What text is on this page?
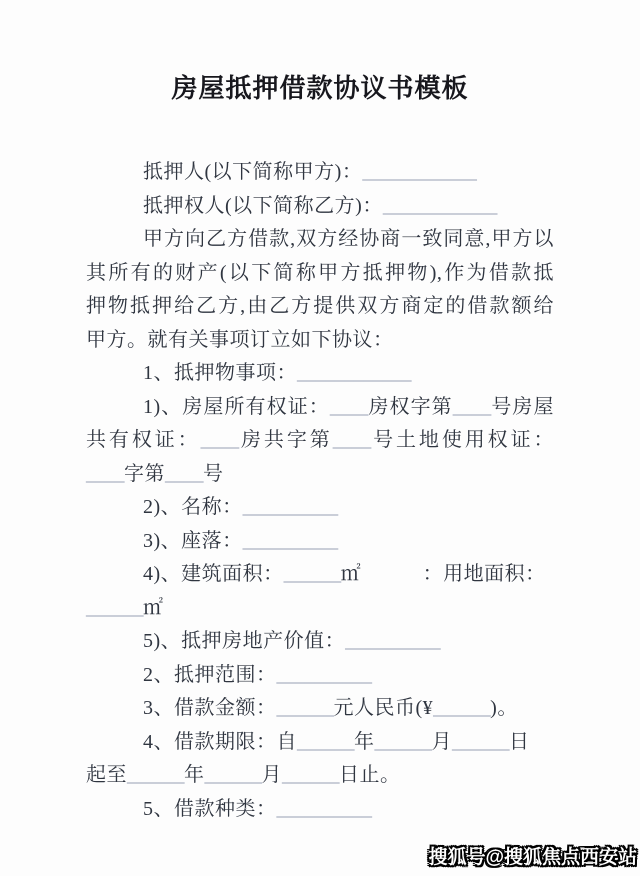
房屋抵押借款协议书模板

抵押人(以下简称甲方)：____________

抵押权人(以下简称乙方)：____________

甲方向乙方借款,双方经协商一致同意,甲方以

其所有的财产(以下简称甲方抵押物),作为借款抵

押物抵押给乙方,由乙方提供双方商定的借款额给

甲方。就有关事项订立如下协议：

1、抵押物事项：____________

1)、房屋所有权证：____房权字第____号房屋

共有权证：____房共字第____号土地使用权证：

____字第____号

2)、名称：__________

3)、座落：__________

4)、建筑面积：______㎡　　　：用地面积：

______㎡

5)、抵押房地产价值：__________

2、抵押范围：__________

3、借款金额：______元人民币(¥______)。

4、借款期限：自______年______月______日

起至______年______月______日止。

5、借款种类：__________

搜狐号@搜狐焦点西安站
